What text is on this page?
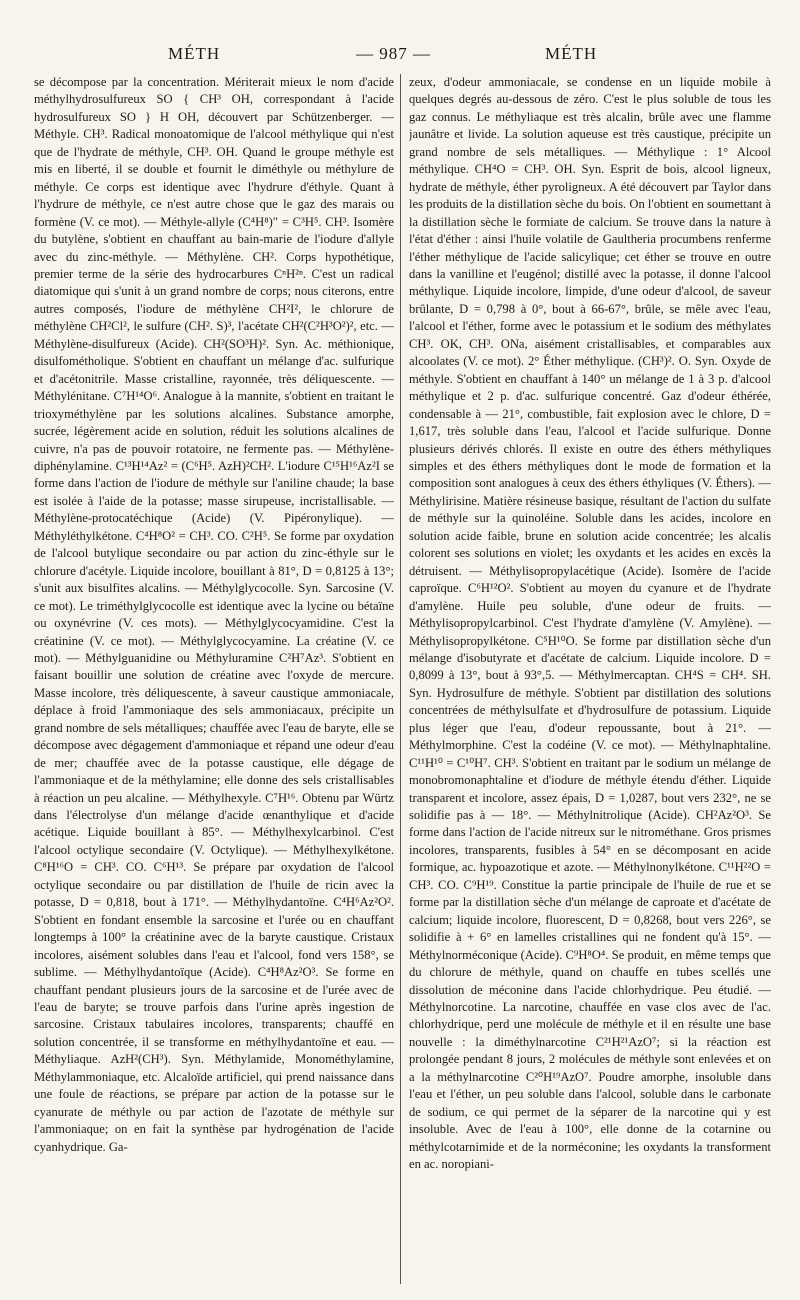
MÉTH	— 987 —	MÉTH

se décompose par la concentration. Mériterait mieux le nom d'acide méthylhydrosulfureux SO { CH³ OH, correspondant à l'acide hydrosulfureux SO } H OH, découvert par Schützenberger. — Méthyle. CH³. Radical monoatomique de l'alcool méthylique qui n'est que de l'hydrate de méthyle, CH³. OH. Quand le groupe méthyle est mis en liberté, il se double et fournit le diméthyle ou méthylure de méthyle. Ce corps est identique avec l'hydrure d'éthyle. Quant à l'hydrure de méthyle, ce n'est autre chose que le gaz des marais ou formène (V. ce mot). — Méthyle-allyle (C⁴H⁸)″ = C³H⁵. CH³. Isomère du butylène, s'obtient en chauffant au bain-marie de l'iodure d'allyle avec du zinc-méthyle. — Méthylène. CH². Corps hypothétique, premier terme de la série des hydrocarbures CⁿH²ⁿ. C'est un radical diatomique qui s'unit à un grand nombre de corps; nous citerons, entre autres composés, l'iodure de méthylène CH²I², le chlorure de méthylène CH²Cl², le sulfure (CH². S)³, l'acétate CH²(C²H³O²)², etc. — Méthylène-disulfureux (Acide). CH²(SO³H)². Syn. Ac. méthionique, disulfométholique. S'obtient en chauffant un mélange d'ac. sulfurique et d'acétonitrile. Masse cristalline, rayonnée, très déliquescente. — Méthylénitane. C⁷H¹⁴O⁶. Analogue à la mannite, s'obtient en traitant le trioxyméthylène par les solutions alcalines. Substance amorphe, sucrée, légèrement acide en solution, réduit les solutions alcalines de cuivre, n'a pas de pouvoir rotatoire, ne fermente pas. — Méthylène-diphénylamine. C¹³H¹⁴Az² = (C⁶H⁵. AzH)²CH². L'iodure C¹⁵H¹⁶Az²I se forme dans l'action de l'iodure de méthyle sur l'aniline chaude; la base est isolée à l'aide de la potasse; masse sirupeuse, incristallisable. — Méthylène-protocatéchique (Acide) (V. Pipéronylique). — Méthyléthylkétone. C⁴H⁸O² = CH³. CO. C²H⁵. Se forme par oxydation de l'alcool butylique secondaire ou par action du zinc-éthyle sur le chlorure d'acétyle. Liquide incolore, bouillant à 81°, D = 0,8125 à 13°; s'unit aux bisulfites alcalins. — Méthylglycocolle. Syn. Sarcosine (V. ce mot). Le triméthylglycocolle est identique avec la lycine ou bétaïne ou oxynévrine (V. ces mots). — Méthylglycocyamidine. C'est la créatinine (V. ce mot). — Méthylglycocyamine. La créatine (V. ce mot). — Méthylguanidine ou Méthyluramine C²H⁷Az³. S'obtient en faisant bouillir une solution de créatine avec l'oxyde de mercure. Masse incolore, très déliquescente, à saveur caustique ammoniacale, déplace à froid l'ammoniaque des sels ammoniacaux, précipite un grand nombre de sels métalliques; chauffée avec l'eau de baryte, elle se décompose avec dégagement d'ammoniaque et répand une odeur d'eau de mer; chauffée avec de la potasse caustique, elle dégage de l'ammoniaque et de la méthylamine; elle donne des sels cristallisables à réaction un peu alcaline. — Méthylhexyle. C⁷H¹⁶. Obtenu par Würtz dans l'électrolyse d'un mélange d'acide œnanthylique et d'acide acétique. Liquide bouillant à 85°. — Méthylhexylcarbinol. C'est l'alcool octylique secondaire (V. Octylique). — Méthylhexylkétone. C⁸H¹⁶O = CH³. CO. C⁶H¹³. Se prépare par oxydation de l'alcool octylique secondaire ou par distillation de l'huile de ricin avec la potasse, D = 0,818, bout à 171°. — Méthylhydantoïne. C⁴H⁶Az²O². S'obtient en fondant ensemble la sarcosine et l'urée ou en chauffant longtemps à 100° la créatinine avec de la baryte caustique. Cristaux incolores, aisément solubles dans l'eau et l'alcool, fond vers 158°, se sublime. — Méthylhydantoïque (Acide). C⁴H⁸Az²O³. Se forme en chauffant pendant plusieurs jours de la sarcosine et de l'urée avec de l'eau de baryte; se trouve parfois dans l'urine après ingestion de sarcosine. Cristaux tabulaires incolores, transparents; chauffé en solution concentrée, il se transforme en méthylhydantoïne et eau. — Méthyliaque. AzH²(CH³). Syn. Méthylamide, Monométhylamine, Méthylammoniaque, etc. Alcaloïde artificiel, qui prend naissance dans une foule de réactions, se prépare par action de la potasse sur le cyanurate de méthyle ou par action de l'azotate de méthyle sur l'ammoniaque; on en fait la synthèse par hydrogénation de l'acide cyanhydrique. Ga-

zeux, d'odeur ammoniacale, se condense en un liquide mobile à quelques degrés au-dessous de zéro. C'est le plus soluble de tous les gaz connus. Le méthyliaque est très alcalin, brûle avec une flamme jaunâtre et livide. La solution aqueuse est très caustique, précipite un grand nombre de sels métalliques. — Méthylique : 1° Alcool méthylique. CH⁴O = CH³. OH. Syn. Esprit de bois, alcool ligneux, hydrate de méthyle, éther pyroligneux. A été découvert par Taylor dans les produits de la distillation sèche du bois. On l'obtient en soumettant à la distillation sèche le formiate de calcium. Se trouve dans la nature à l'état d'éther : ainsi l'huile volatile de Gaultheria procumbens renferme l'éther méthylique de l'acide salicylique; cet éther se trouve en outre dans la vanilline et l'eugénol; distillé avec la potasse, il donne l'alcool méthylique. Liquide incolore, limpide, d'une odeur d'alcool, de saveur brûlante, D = 0,798 à 0°, bout à 66-67°, brûle, se mêle avec l'eau, l'alcool et l'éther, forme avec le potassium et le sodium des méthylates CH³. OK, CH³. ONa, aisément cristallisables, et comparables aux alcoolates (V. ce mot). 2° Éther méthylique. (CH³)². O. Syn. Oxyde de méthyle. S'obtient en chauffant à 140° un mélange de 1 à 3 p. d'alcool méthylique et 2 p. d'ac. sulfurique concentré. Gaz d'odeur éthérée, condensable à — 21°, combustible, fait explosion avec le chlore, D = 1,617, très soluble dans l'eau, l'alcool et l'acide sulfurique. Donne plusieurs dérivés chlorés. Il existe en outre des éthers méthyliques simples et des éthers méthyliques dont le mode de formation et la composition sont analogues à ceux des éthers éthyliques (V. Éthers). — Méthylirisine. Matière résineuse basique, résultant de l'action du sulfate de méthyle sur la quinoléine. Soluble dans les acides, incolore en solution acide faible, brune en solution acide concentrée; les alcalis colorent ses solutions en violet; les oxydants et les acides en excès la détruisent. — Méthylisopropylacétique (Acide). Isomère de l'acide caproïque. C⁶H¹²O². S'obtient au moyen du cyanure et de l'hydrate d'amylène. Huile peu soluble, d'une odeur de fruits. — Méthylisopropylcarbinol. C'est l'hydrate d'amylène (V. Amylène). — Méthylisopropylkétone. C⁵H¹⁰O. Se forme par distillation sèche d'un mélange d'isobutyrate et d'acétate de calcium. Liquide incolore. D = 0,8099 à 13°, bout à 93°,5. — Méthylmercaptan. CH⁴S = CH⁴. SH. Syn. Hydrosulfure de méthyle. S'obtient par distillation des solutions concentrées de méthylsulfate et d'hydrosulfure de potassium. Liquide plus léger que l'eau, d'odeur repoussante, bout à 21°. — Méthylmorphine. C'est la codéine (V. ce mot). — Méthylnaphtaline. C¹¹H¹⁰ = C¹⁰H⁷. CH³. S'obtient en traitant par le sodium un mélange de monobromonaphtaline et d'iodure de méthyle étendu d'éther. Liquide transparent et incolore, assez épais, D = 1,0287, bout vers 232°, ne se solidifie pas à — 18°. — Méthylnitrolique (Acide). CH²Az²O³. Se forme dans l'action de l'acide nitreux sur le nitrométhane. Gros prismes incolores, transparents, fusibles à 54° en se décomposant en acide formique, ac. hypoazotique et azote. — Méthylnonylkétone. C¹¹H²²O = CH³. CO. C⁹H¹⁹. Constitue la partie principale de l'huile de rue et se forme par la distillation sèche d'un mélange de caproate et d'acétate de calcium; liquide incolore, fluorescent, D = 0,8268, bout vers 226°, se solidifie à + 6° en lamelles cristallines qui ne fondent qu'à 15°. — Méthylnorméconique (Acide). C⁹H⁸O⁴. Se produit, en même temps que du chlorure de méthyle, quand on chauffe en tubes scellés une dissolution de méconine dans l'acide chlorhydrique. Peu étudié. — Méthylnorcotine. La narcotine, chauffée en vase clos avec de l'ac. chlorhydrique, perd une molécule de méthyle et il en résulte une base nouvelle : la diméthylnarcotine C²¹H²¹AzO⁷; si la réaction est prolongée pendant 8 jours, 2 molécules de méthyle sont enlevées et on a la méthylnarcotine C²⁰H¹⁹AzO⁷. Poudre amorphe, insoluble dans l'eau et l'éther, un peu soluble dans l'alcool, soluble dans le carbonate de sodium, ce qui permet de la séparer de la narcotine qui y est insoluble. Avec de l'eau à 100°, elle donne de la cotarnine ou méthylcotarnimide et de la norméconine; les oxydants la transforment en ac. noropiani-
